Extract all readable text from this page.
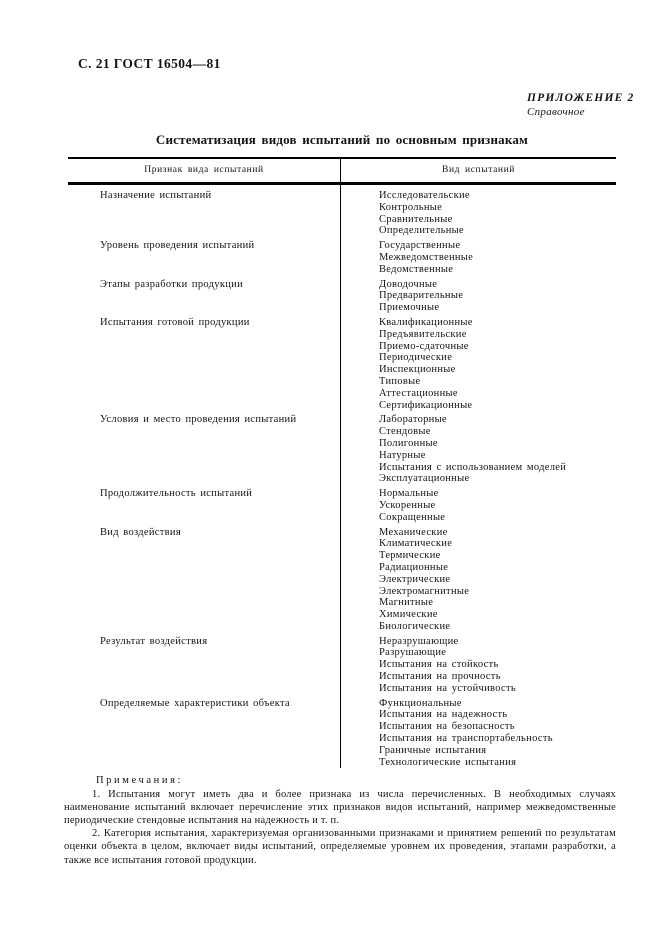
С. 21 ГОСТ 16504—81
ПРИЛОЖЕНИЕ 2
Справочное
Систематизация видов испытаний по основным признакам
Признак вида испытаний	Вид испытаний
Назначение испытаний	Исследовательские
Контрольные
Сравнительные
Определительные

Уровень проведения испытаний	Государственные
Межведомственные
Ведомственные

Этапы разработки продукции	Доводочные
Предварительные
Приемочные

Испытания готовой продукции	Квалификационные
Предъявительские
Приемо-сдаточные
Периодические
Инспекционные
Типовые
Аттестационные
Сертификационные

Условия и место проведения испытаний	Лабораторные
Стендовые
Полигонные
Натурные
Испытания с использованием моделей
Эксплуатационные

Продолжительность испытаний	Нормальные
Ускоренные
Сокращенные

Вид воздействия	Механические
Климатические
Термические
Радиационные
Электрические
Электромагнитные
Магнитные
Химические
Биологические

Результат воздействия	Неразрушающие
Разрушающие
Испытания на стойкость
Испытания на прочность
Испытания на устойчивость

Определяемые характеристики объекта	Функциональные
Испытания на надежность
Испытания на безопасность
Испытания на транспортабельность
Граничные испытания
Технологические испытания
Примечания:

1. Испытания могут иметь два и более признака из числа перечисленных. В необходимых случаях наименование испытаний включает перечисление этих признаков видов испытаний, например межведомственные периодические стендовые испытания на надежность и т. п.

2. Категория испытания, характеризуемая организованными признаками и принятием решений по результатам оценки объекта в целом, включает виды испытаний, определяемые уровнем их проведения, этапами разработки, а также все испытания готовой продукции.
